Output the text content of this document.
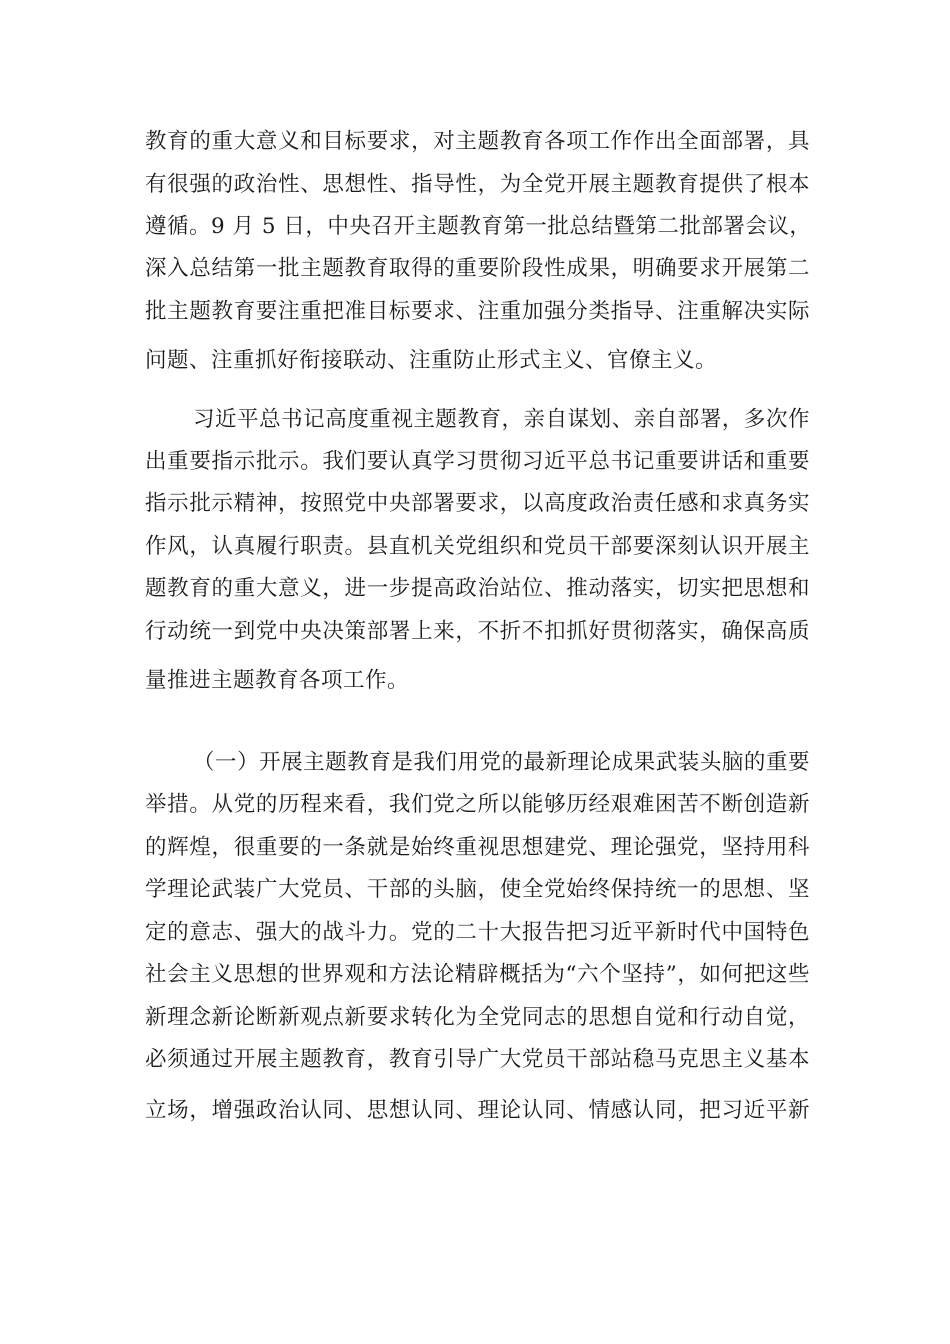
教育的重大意义和目标要求，对主题教育各项工作作出全面部署，具
有很强的政治性、思想性、指导性，为全党开展主题教育提供了根本
遵循。9 月 5 日，中央召开主题教育第一批总结暨第二批部署会议，
深入总结第一批主题教育取得的重要阶段性成果，明确要求开展第二
批主题教育要注重把准目标要求、注重加强分类指导、注重解决实际
问题、注重抓好衔接联动、注重防止形式主义、官僚主义。
习近平总书记高度重视主题教育，亲自谋划、亲自部署，多次作
出重要指示批示。我们要认真学习贯彻习近平总书记重要讲话和重要
指示批示精神，按照党中央部署要求，以高度政治责任感和求真务实
作风，认真履行职责。县直机关党组织和党员干部要深刻认识开展主
题教育的重大意义，进一步提高政治站位、推动落实，切实把思想和
行动统一到党中央决策部署上来，不折不扣抓好贯彻落实，确保高质
量推进主题教育各项工作。
（一）开展主题教育是我们用党的最新理论成果武装头脑的重要
举措。从党的历程来看，我们党之所以能够历经艰难困苦不断创造新
的辉煌，很重要的一条就是始终重视思想建党、理论强党，坚持用科
学理论武装广大党员、干部的头脑，使全党始终保持统一的思想、坚
定的意志、强大的战斗力。党的二十大报告把习近平新时代中国特色
社会主义思想的世界观和方法论精辟概括为“六个坚持”，如何把这些
新理念新论断新观点新要求转化为全党同志的思想自觉和行动自觉，
必须通过开展主题教育，教育引导广大党员干部站稳马克思主义基本
立场，增强政治认同、思想认同、理论认同、情感认同，把习近平新
